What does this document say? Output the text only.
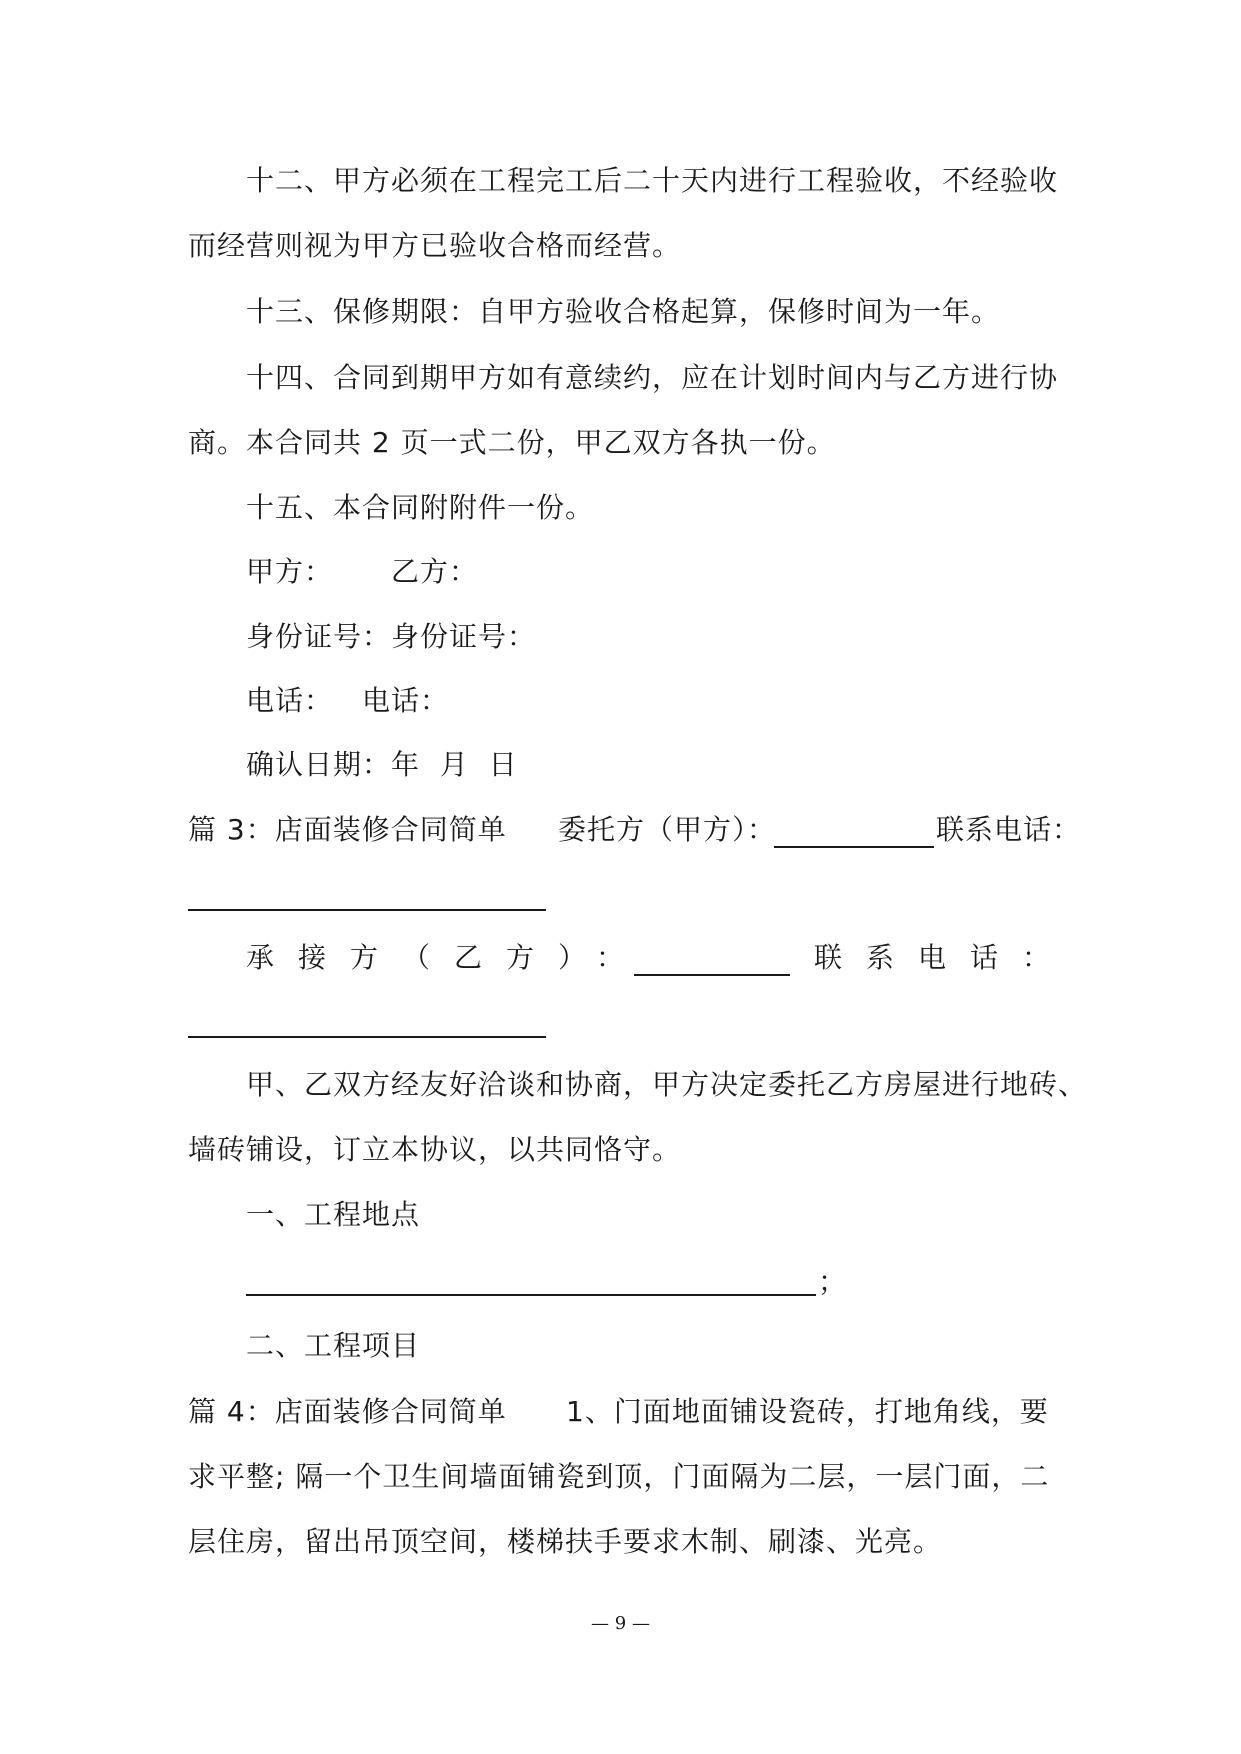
十二、甲方必须在工程完工后二十天内进行工程验收，不经验收
而经营则视为甲方已验收合格而经营。
十三、保修期限：自甲方验收合格起算，保修时间为一年。
十四、合同到期甲方如有意续约，应在计划时间内与乙方进行协
商。本合同共 2 页一式二份，甲乙双方各执一份。
十五、本合同附附件一份。
甲方： 乙方：
身份证号： 身份证号：
电话： 电话：
确认日期：年  月  日
篇 3：店面装修合同简单 委托方（甲方）：	联系电话：
承接方（乙方）：	联系电话：
甲、乙双方经友好洽谈和协商，甲方决定委托乙方房屋进行地砖、
墙砖铺设，订立本协议，以共同恪守。
一、工程地点
；
二、工程项目
篇 4：店面装修合同简单 1、门面地面铺设瓷砖，打地角线，要
求平整; 隔一个卫生间墙面铺瓷到顶，门面隔为二层，一层门面，二
层住房，留出吊顶空间，楼梯扶手要求木制、刷漆、光亮。
— 9 —
